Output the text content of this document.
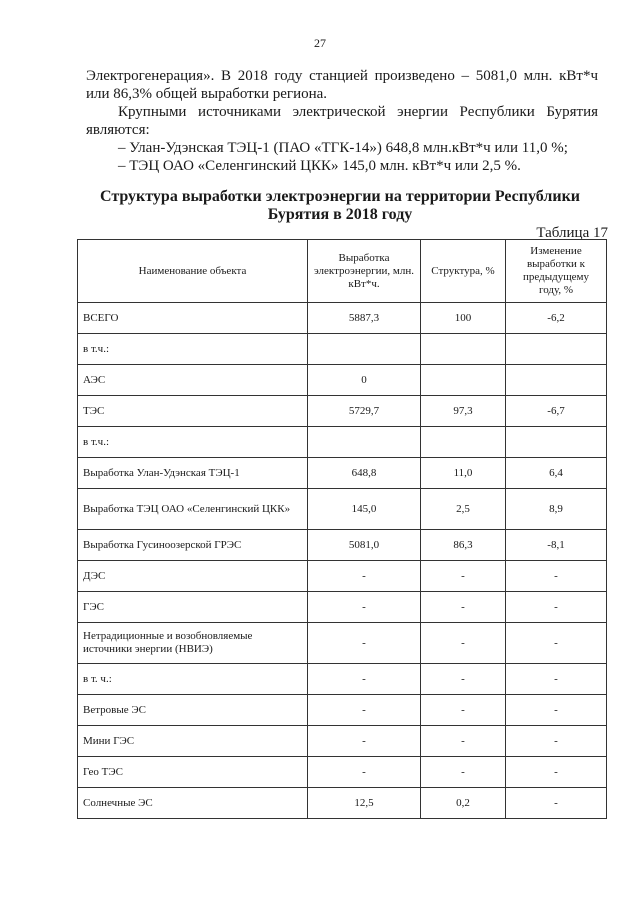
27

Электрогенерация». В 2018 году станцией произведено – 5081,0 млн. кВт*ч

или 86,3% общей выработки региона.

Крупными источниками электрической энергии Республики Бурятия

являются:

– Улан-Удэнская ТЭЦ-1 (ПАО «ТГК-14») 648,8 млн.кВт*ч или 11,0 %;

– ТЭЦ ОАО «Селенгинский ЦКК» 145,0 млн. кВт*ч или 2,5 %.

Структура выработки электроэнергии на территории Республики
Бурятия в 2018 году
Таблица 17
Наименование объекта	Выработка электроэнергии, млн. кВт*ч.	Структура, %	Изменение выработки к предыдущему году, %
ВСЕГО	5887,3	100	-6,2
в т.ч.:			
АЭС	0		
ТЭС	5729,7	97,3	-6,7
в т.ч.:			
Выработка Улан-Удэнская ТЭЦ-1	648,8	11,0	6,4
Выработка ТЭЦ ОАО «Селенгинский ЦКК»	145,0	2,5	8,9
Выработка Гусиноозерской ГРЭС	5081,0	86,3	-8,1
ДЭС	-	-	-
ГЭС	-	-	-
Нетрадиционные и возобновляемые источники энергии (НВИЭ)	-	-	-
в т. ч.:	-	-	-
Ветровые ЭС	-	-	-
Мини ГЭС	-	-	-
Гео ТЭС	-	-	-
Солнечные ЭС	12,5	0,2	-
